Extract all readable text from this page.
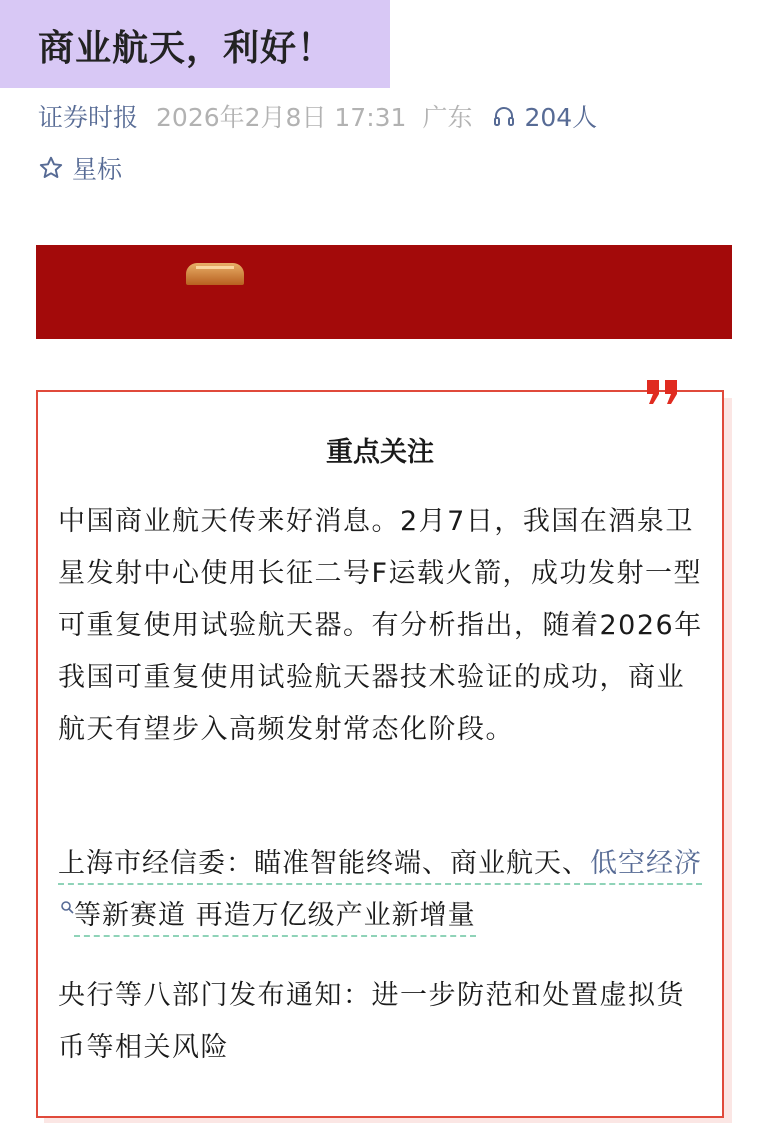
商业航天，利好！
证券时报 2026年2月8日 17:31 广东 204人
星标
重点关注

中国商业航天传来好消息。2月7日，我国在酒泉卫星发射中心使用长征二号F运载火箭，成功发射一型可重复使用试验航天器。有分析指出，随着2026年我国可重复使用试验航天器技术验证的成功，商业航天有望步入高频发射常态化阶段。

上海市经信委：瞄准智能终端、商业航天、低空经济等新赛道 再造万亿级产业新增量

央行等八部门发布通知：进一步防范和处置虚拟货币等相关风险
